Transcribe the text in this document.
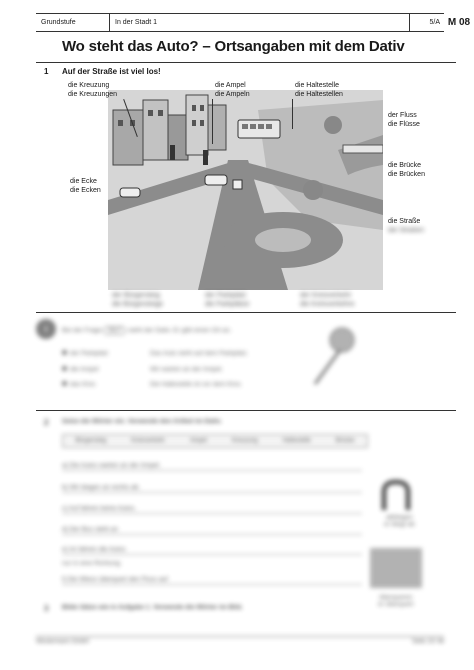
Grundstufe	In der Stadt 1	5/A M 08
Wo steht das Auto? – Ortsangaben mit dem Dativ
1 Auf der Straße ist viel los!
die Kreuzung
die Kreuzungen
die Ampel
die Ampeln
die Haltestelle
die Haltestellen
der Fluss
die Flüsse
die Brücke
die Brücken
die Ecke
die Ecken
die Straße
die Straßen
der Bürgersteig
die Bürgersteige
der Parkplatz
die Parkplätze
der Kreisverkehr
die Kreisverkehre
i	Bei der Frage Wo? steht der Dativ. Er gibt einen Ort an.
der Parkplatz	Das Auto steht auf dem Parkplatz.
die Ampel	Wir warten an der Ampel.
das Kino	Die Haltestelle ist vor dem Kino.
2 Setze die Wörter ein. Verwende den Artikel im Dativ.
Bürgersteig	Kreisverkehr	Ampel	Kreuzung	Haltestelle	Brücke
a) Die Autos warten an der Ampel.
b) Wir biegen an rechts ab.
c) Auf fahren keine Autos.
d) Der Bus steht an
e) Im fahren die Autos
nur in eine Richtung.
f) Die Wiesn überquert den Fluss auf
abbiegen
er biegt ab
überqueren
er überquert
3 Bilde Sätze wie in Aufgabe 1. Verwende die Wörter im Bild.
Westermann GmbH	Seite 10/ 48
